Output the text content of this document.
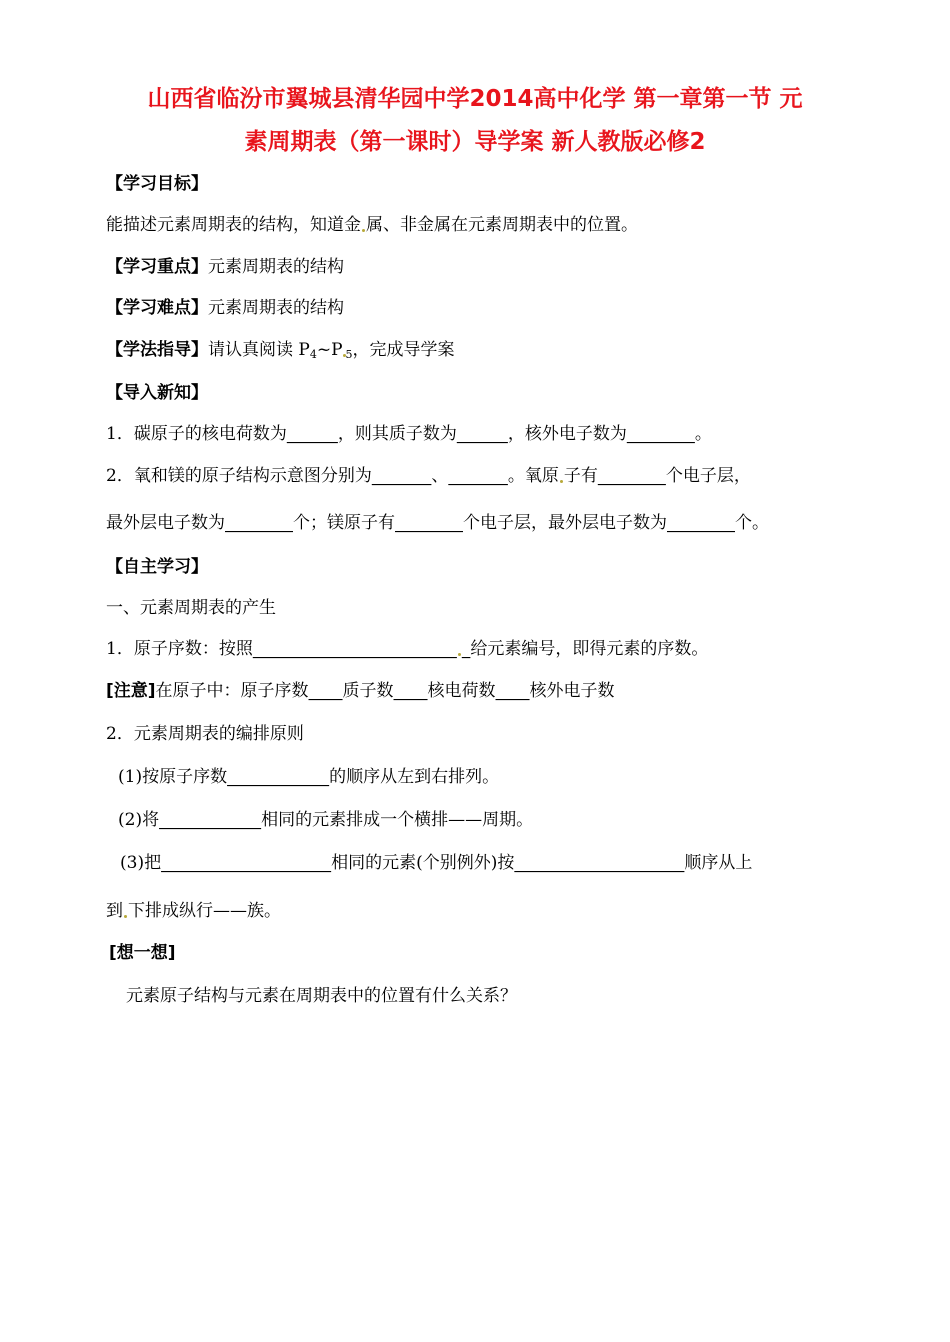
山西省临汾市翼城县清华园中学2014高中化学 第一章第一节 元
素周期表（第一课时）导学案 新人教版必修2
【学习目标】
能描述元素周期表的结构，知道金 属、非金属在元素周期表中的位置。
【学习重点】元素周期表的结构
【学习难点】元素周期表的结构
【学法指导】请认真阅读 $P_4\sim P$ $_5$，完成导学案
【导入新知】
1．碳原子的核电荷数为______，则其质子数为______，核外电子数为________。
2．氧和镁的原子结构示意图分别为_______、_______。氧原 子有________个电子层，
最外层电子数为________个；镁原子有________个电子层，最外层电子数为________个。
【自主学习】
一、元素周期表的产生
1．原子序数：按照________________________ _给元素编号，即得元素的序数。
[注意]在原子中：原子序数____质子数____核电荷数____核外电子数
2．元素周期表的编排原则
(1)按原子序数____________的顺序从左到右排列。
(2)将____________相同的元素排成一个横排——周期。
(3)把____________________相同的元素(个别例外)按____________________顺序从上
到 下排成纵行——族。
[想一想]
元素原子结构与元素在周期表中的位置有什么关系？
